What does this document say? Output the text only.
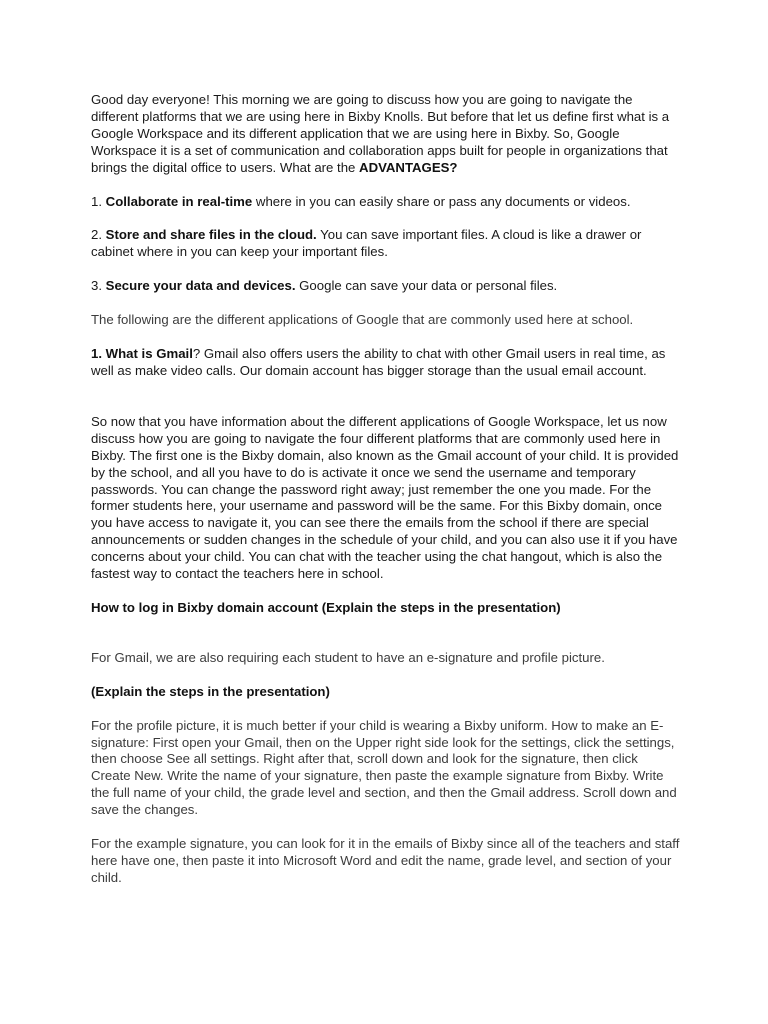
Good day everyone! This morning we are going to discuss how you are going to navigate the different platforms that we are using here in Bixby Knolls. But before that let us define first what is a Google Workspace and its different application that we are using here in Bixby. So, Google Workspace it is a set of communication and collaboration apps built for people in organizations that brings the digital office to users. What are the ADVANTAGES?

1. Collaborate in real-time where in you can easily share or pass any documents or videos.

2. Store and share files in the cloud. You can save important files. A cloud is like a drawer or cabinet where in you can keep your important files.

3. Secure your data and devices. Google can save your data or personal files.

The following are the different applications of Google that are commonly used here at school.

1. What is Gmail? Gmail also offers users the ability to chat with other Gmail users in real time, as well as make video calls. Our domain account has bigger storage than the usual email account.

So now that you have information about the different applications of Google Workspace, let us now discuss how you are going to navigate the four different platforms that are commonly used here in Bixby. The first one is the Bixby domain, also known as the Gmail account of your child. It is provided by the school, and all you have to do is activate it once we send the username and temporary passwords. You can change the password right away; just remember the one you made. For the former students here, your username and password will be the same. For this Bixby domain, once you have access to navigate it, you can see there the emails from the school if there are special announcements or sudden changes in the schedule of your child, and you can also use it if you have concerns about your child. You can chat with the teacher using the chat hangout, which is also the fastest way to contact the teachers here in school.

How to log in Bixby domain account (Explain the steps in the presentation)

For Gmail, we are also requiring each student to have an e-signature and profile picture.

(Explain the steps in the presentation)

For the profile picture, it is much better if your child is wearing a Bixby uniform. How to make an E- signature: First open your Gmail, then on the Upper right side look for the settings, click the settings, then choose See all settings. Right after that, scroll down and look for the signature, then click Create New. Write the name of your signature, then paste the example signature from Bixby. Write the full name of your child, the grade level and section, and then the Gmail address. Scroll down and save the changes.

For the example signature, you can look for it in the emails of Bixby since all of the teachers and staff here have one, then paste it into Microsoft Word and edit the name, grade level, and section of your child.
